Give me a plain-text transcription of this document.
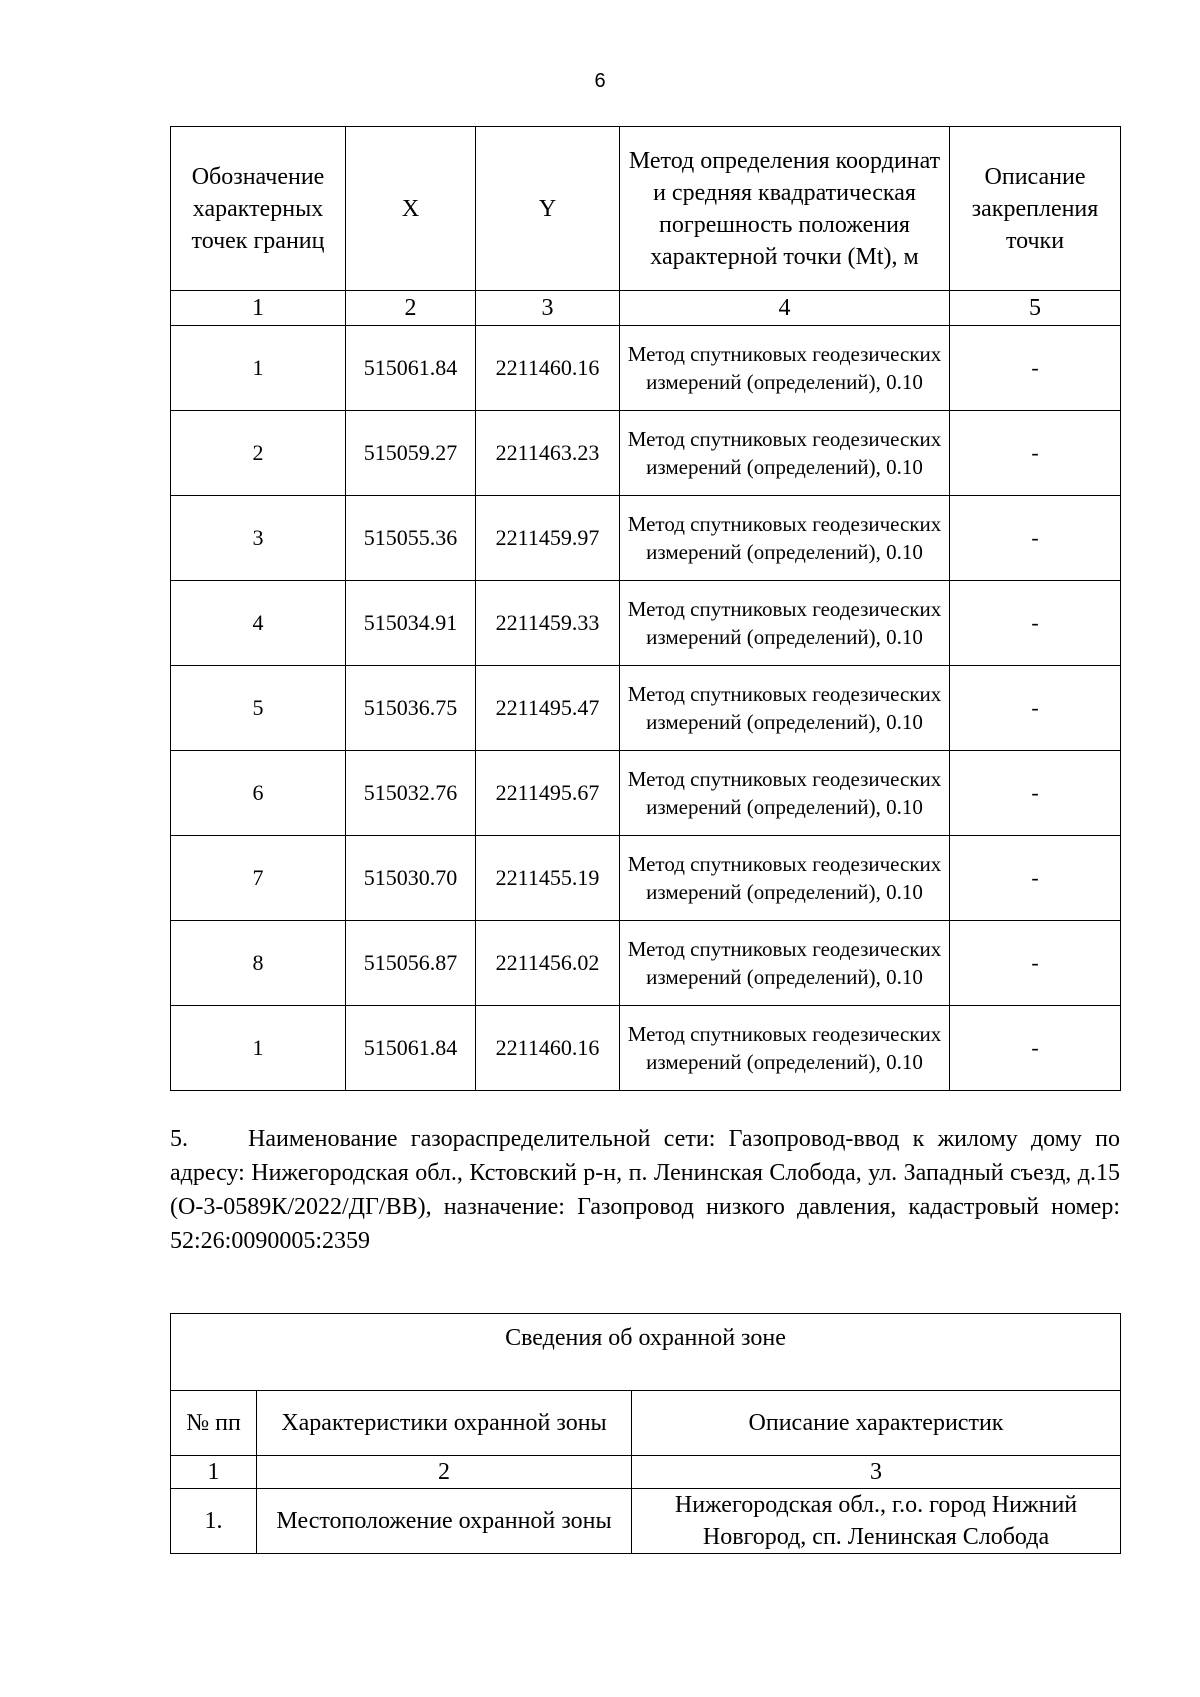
6
Обозначение характерных точек границ	X	Y	Метод определения координат и средняя квадратическая погрешность положения характерной точки (Mt), м	Описание закрепления точки
1	2	3	4	5
1	515061.84	2211460.16	Метод спутниковых геодезических измерений (определений), 0.10	-
2	515059.27	2211463.23	Метод спутниковых геодезических измерений (определений), 0.10	-
3	515055.36	2211459.97	Метод спутниковых геодезических измерений (определений), 0.10	-
4	515034.91	2211459.33	Метод спутниковых геодезических измерений (определений), 0.10	-
5	515036.75	2211495.47	Метод спутниковых геодезических измерений (определений), 0.10	-
6	515032.76	2211495.67	Метод спутниковых геодезических измерений (определений), 0.10	-
7	515030.70	2211455.19	Метод спутниковых геодезических измерений (определений), 0.10	-
8	515056.87	2211456.02	Метод спутниковых геодезических измерений (определений), 0.10	-
1	515061.84	2211460.16	Метод спутниковых геодезических измерений (определений), 0.10	-
5.	Наименование газораспределительной сети: Газопровод-ввод к жилому дому по адресу: Нижегородская обл., Кстовский р-н, п. Ленинская Слобода, ул. Западный съезд, д.15 (О-3-0589К/2022/ДГ/ВВ), назначение: Газопровод низкого давления, кадастровый номер: 52:26:0090005:2359
Сведения об охранной зоне		
№ пп	Характеристики охранной зоны	Описание характеристик
1	2	3
1.	Местоположение охранной зоны	Нижегородская обл., г.о. город Нижний Новгород, сп. Ленинская Слобода
